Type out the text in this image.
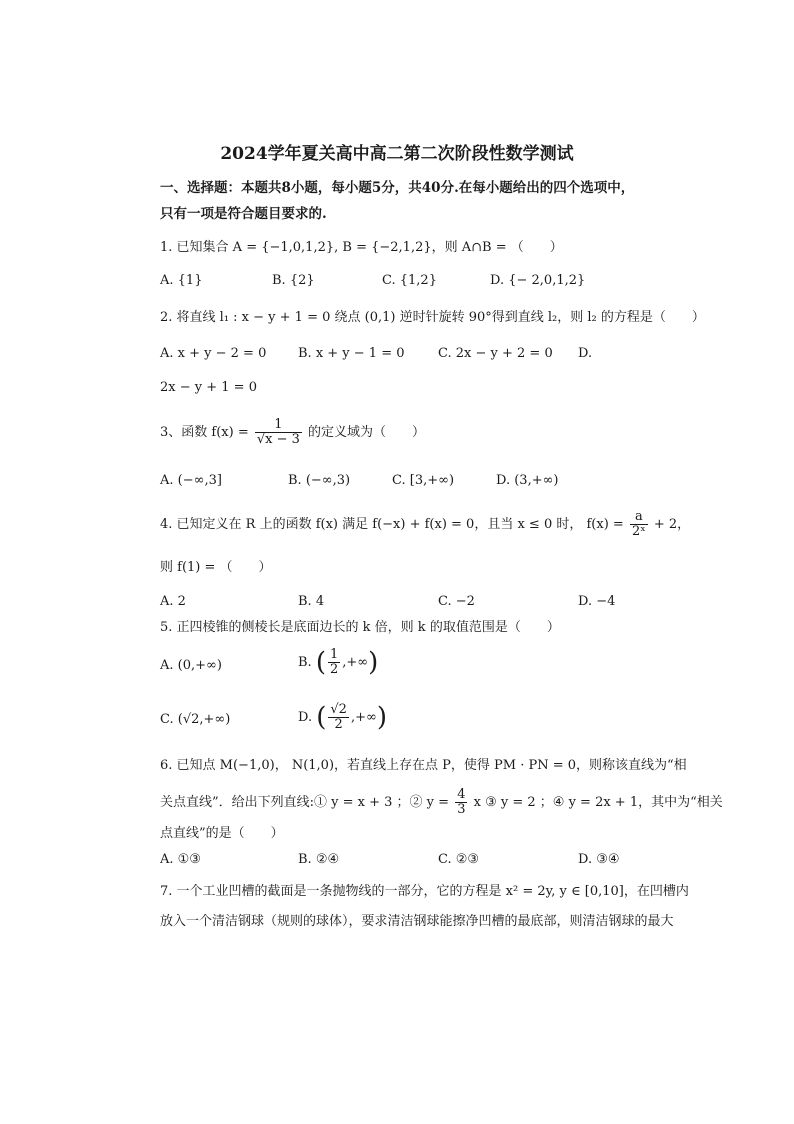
2024学年夏关高中高二第二次阶段性数学测试
一、选择题：本题共8小题，每小题5分，共40分.在每小题给出的四个选项中，
只有一项是符合题目要求的.
1. 已知集合 A = {−1,0,1,2}, B = {−2,1,2}，则 A∩B = （　　）
A. {1}	B. {2}	C. {1,2}	D. {− 2,0,1,2}
2. 将直线 l₁ : x − y + 1 = 0 绕点 (0,1) 逆时针旋转 90°得到直线 l₂，则 l₂ 的方程是（　　）
A. x + y − 2 = 0 B. x + y − 1 = 0	C. 2x − y + 2 = 0 D.
2x − y + 1 = 0
3、函数 $f(x) = \frac{1}{√x - 3}$ 的定义域为（　　）
A. (−∞,3]	B. (−∞,3)	C. [3,+∞)	D. (3,+∞)
4. 已知定义在 R 上的函数 f(x) 满足 f(−x) + f(x) = 0，且当 x ≤ 0 时， $f(x) = \frac{a}{\text{2ˣ}} + 2$，
则 f(1) = （　　）
A. 2	B. 4	C. −2	D. −4
5. 正四棱锥的侧棱长是底面边长的 k 倍，则 k 的取值范围是（　　）
A. (0,+∞)	B. ( $\frac{1}{2}$ ,+∞)
C. (√2,+∞)	D. ( $\frac{√2}{2}$ ,+∞)
6. 已知点 M(−1,0)， N(1,0)，若直线上存在点 P，使得 PM · PN = 0，则称该直线为“相
关点直线”．给出下列直线:① y = x + 3 ；② $y = \frac{4}{3}$ x ③ y = 2 ；④ y = 2x + 1，其中为“相关
点直线”的是（　　）
A. ①③	B. ②④	C. ②③	D. ③④
7. 一个工业凹槽的截面是一条抛物线的一部分，它的方程是 x² = 2y, y ∈ [0,10]，在凹槽内
放入一个清洁钢球（规则的球体），要求清洁钢球能擦净凹槽的最底部，则清洁钢球的最大
